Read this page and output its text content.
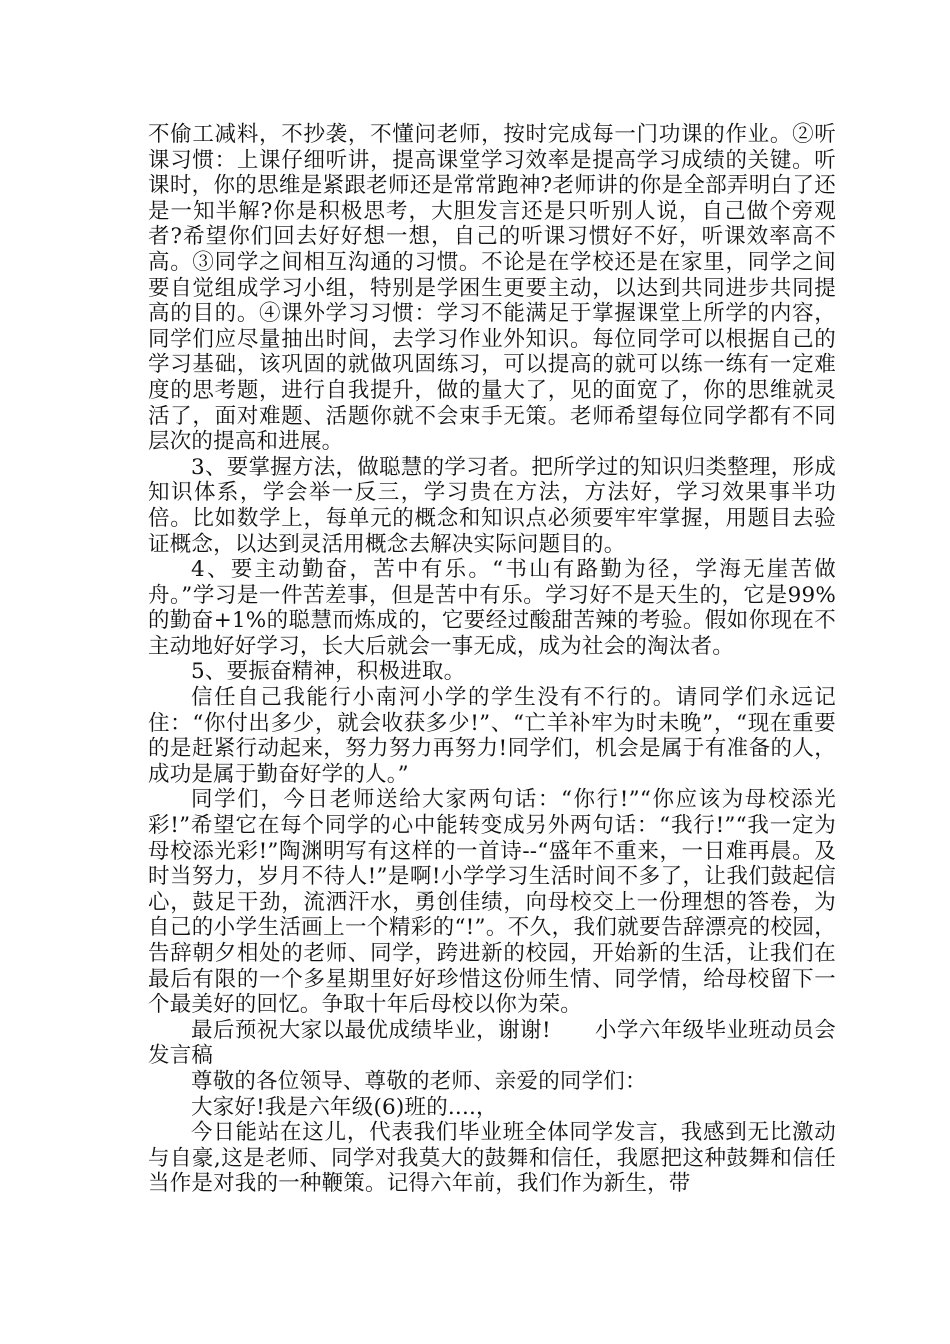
不偷工减料，不抄袭，不懂问老师，按时完成每一门功课的作业。②听课习惯：上课仔细听讲，提高课堂学习效率是提高学习成绩的关键。听课时，你的思维是紧跟老师还是常常跑神?老师讲的你是全部弄明白了还是一知半解?你是积极思考，大胆发言还是只听别人说，自己做个旁观者?希望你们回去好好想一想，自己的听课习惯好不好，听课效率高不高。③同学之间相互沟通的习惯。不论是在学校还是在家里，同学之间要自觉组成学习小组，特别是学困生更要主动，以达到共同进步共同提高的目的。④课外学习习惯：学习不能满足于掌握课堂上所学的内容，同学们应尽量抽出时间，去学习作业外知识。每位同学可以根据自己的学习基础，该巩固的就做巩固练习，可以提高的就可以练一练有一定难度的思考题，进行自我提升，做的量大了，见的面宽了，你的思维就灵活了，面对难题、活题你就不会束手无策。老师希望每位同学都有不同层次的提高和进展。

3、要掌握方法，做聪慧的学习者。把所学过的知识归类整理，形成知识体系，学会举一反三，学习贵在方法，方法好，学习效果事半功倍。比如数学上，每单元的概念和知识点必须要牢牢掌握，用题目去验证概念，以达到灵活用概念去解决实际问题目的。

4、要主动勤奋，苦中有乐。“书山有路勤为径，学海无崖苦做舟。”学习是一件苦差事，但是苦中有乐。学习好不是天生的，它是99%的勤奋+1%的聪慧而炼成的，它要经过酸甜苦辣的考验。假如你现在不主动地好好学习，长大后就会一事无成，成为社会的淘汰者。

5、要振奋精神，积极进取。

信任自己我能行小南河小学的学生没有不行的。请同学们永远记住：“你付出多少，就会收获多少!”、“亡羊补牢为时未晚”，“现在重要的是赶紧行动起来，努力努力再努力!同学们，机会是属于有准备的人，成功是属于勤奋好学的人。”

同学们，今日老师送给大家两句话：“你行!”“你应该为母校添光彩!”希望它在每个同学的心中能转变成另外两句话：“我行!”“我一定为母校添光彩!”陶渊明写有这样的一首诗--“盛年不重来，一日难再晨。及时当努力，岁月不待人!”是啊!小学学习生活时间不多了，让我们鼓起信心，鼓足干劲，流洒汗水，勇创佳绩，向母校交上一份理想的答卷，为自己的小学生活画上一个精彩的“!”。不久，我们就要告辞漂亮的校园，告辞朝夕相处的老师、同学，跨进新的校园，开始新的生活，让我们在最后有限的一个多星期里好好珍惜这份师生情、同学情，给母校留下一个最美好的回忆。争取十年后母校以你为荣。

最后预祝大家以最优成绩毕业，谢谢!　　小学六年级毕业班动员会发言稿

尊敬的各位领导、尊敬的老师、亲爱的同学们：

大家好!我是六年级(6)班的....，

今日能站在这儿，代表我们毕业班全体同学发言，我感到无比激动与自豪,这是老师、同学对我莫大的鼓舞和信任，我愿把这种鼓舞和信任当作是对我的一种鞭策。记得六年前，我们作为新生，带
